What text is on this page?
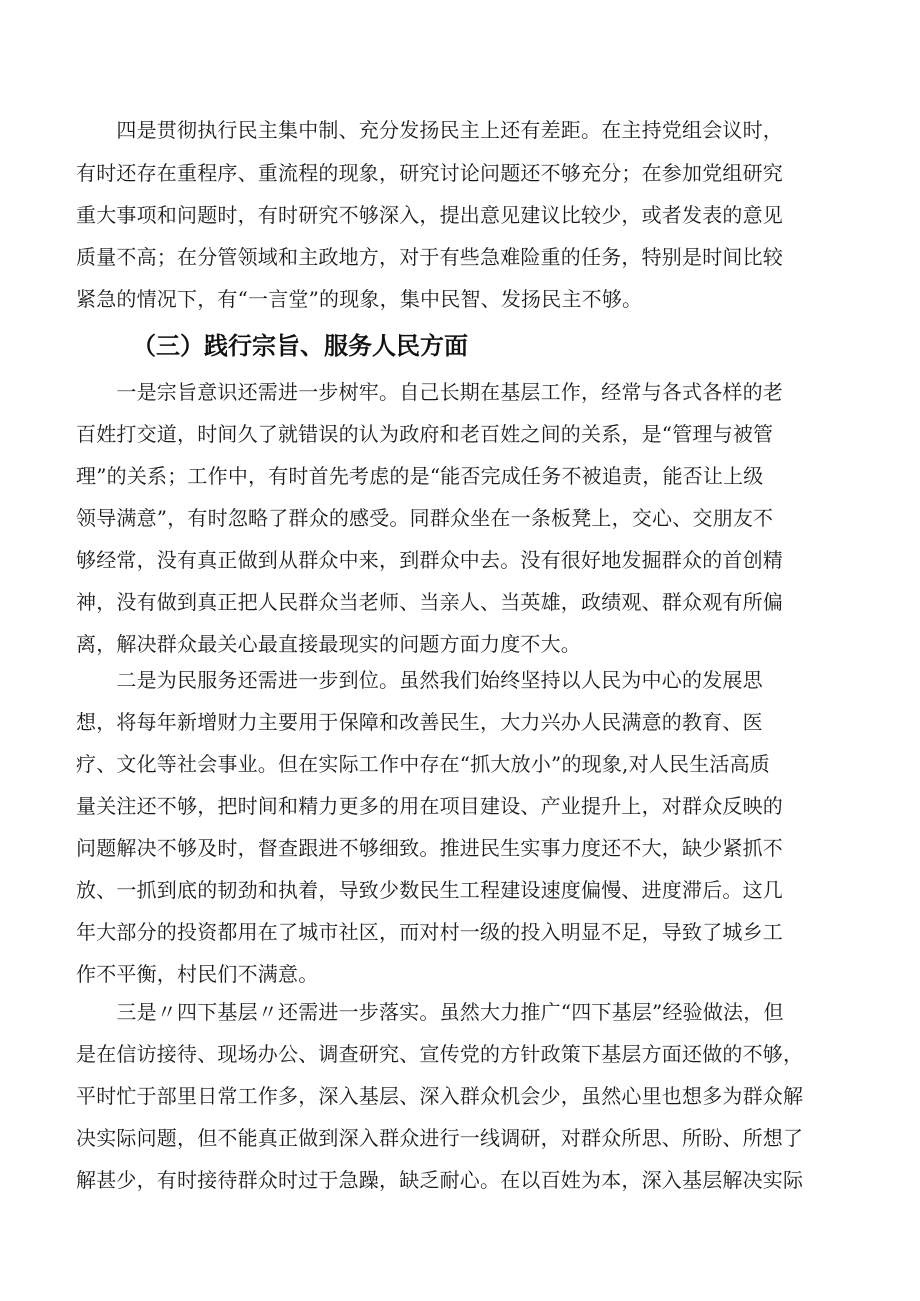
　　四是贯彻执行民主集中制、充分发扬民主上还有差距。在主持党组会议时，
有时还存在重程序、重流程的现象，研究讨论问题还不够充分；在参加党组研究
重大事项和问题时，有时研究不够深入，提出意见建议比较少，或者发表的意见
质量不高；在分管领域和主政地方，对于有些急难险重的任务，特别是时间比较
紧急的情况下，有“一言堂”的现象，集中民智、发扬民主不够。
（三）践行宗旨、服务人民方面
　　一是宗旨意识还需进一步树牢。自己长期在基层工作，经常与各式各样的老
百姓打交道，时间久了就错误的认为政府和老百姓之间的关系，是“管理与被管
理”的关系；工作中，有时首先考虑的是“能否完成任务不被追责，能否让上级
领导满意”，有时忽略了群众的感受。同群众坐在一条板凳上，交心、交朋友不
够经常，没有真正做到从群众中来，到群众中去。没有很好地发掘群众的首创精
神，没有做到真正把人民群众当老师、当亲人、当英雄，政绩观、群众观有所偏
离，解决群众最关心最直接最现实的问题方面力度不大。
　　二是为民服务还需进一步到位。虽然我们始终坚持以人民为中心的发展思
想，将每年新增财力主要用于保障和改善民生，大力兴办人民满意的教育、医
疗、文化等社会事业。但在实际工作中存在“抓大放小”的现象,对人民生活高质
量关注还不够，把时间和精力更多的用在项目建设、产业提升上，对群众反映的
问题解决不够及时，督查跟进不够细致。推进民生实事力度还不大，缺少紧抓不
放、一抓到底的韧劲和执着，导致少数民生工程建设速度偏慢、进度滞后。这几
年大部分的投资都用在了城市社区，而对村一级的投入明显不足，导致了城乡工
作不平衡，村民们不满意。
　　三是〃四下基层〃还需进一步落实。虽然大力推广“四下基层”经验做法，但
是在信访接待、现场办公、调查研究、宣传党的方针政策下基层方面还做的不够，
平时忙于部里日常工作多，深入基层、深入群众机会少，虽然心里也想多为群众解
决实际问题，但不能真正做到深入群众进行一线调研，对群众所思、所盼、所想了
解甚少，有时接待群众时过于急躁，缺乏耐心。在以百姓为本，深入基层解决实际
